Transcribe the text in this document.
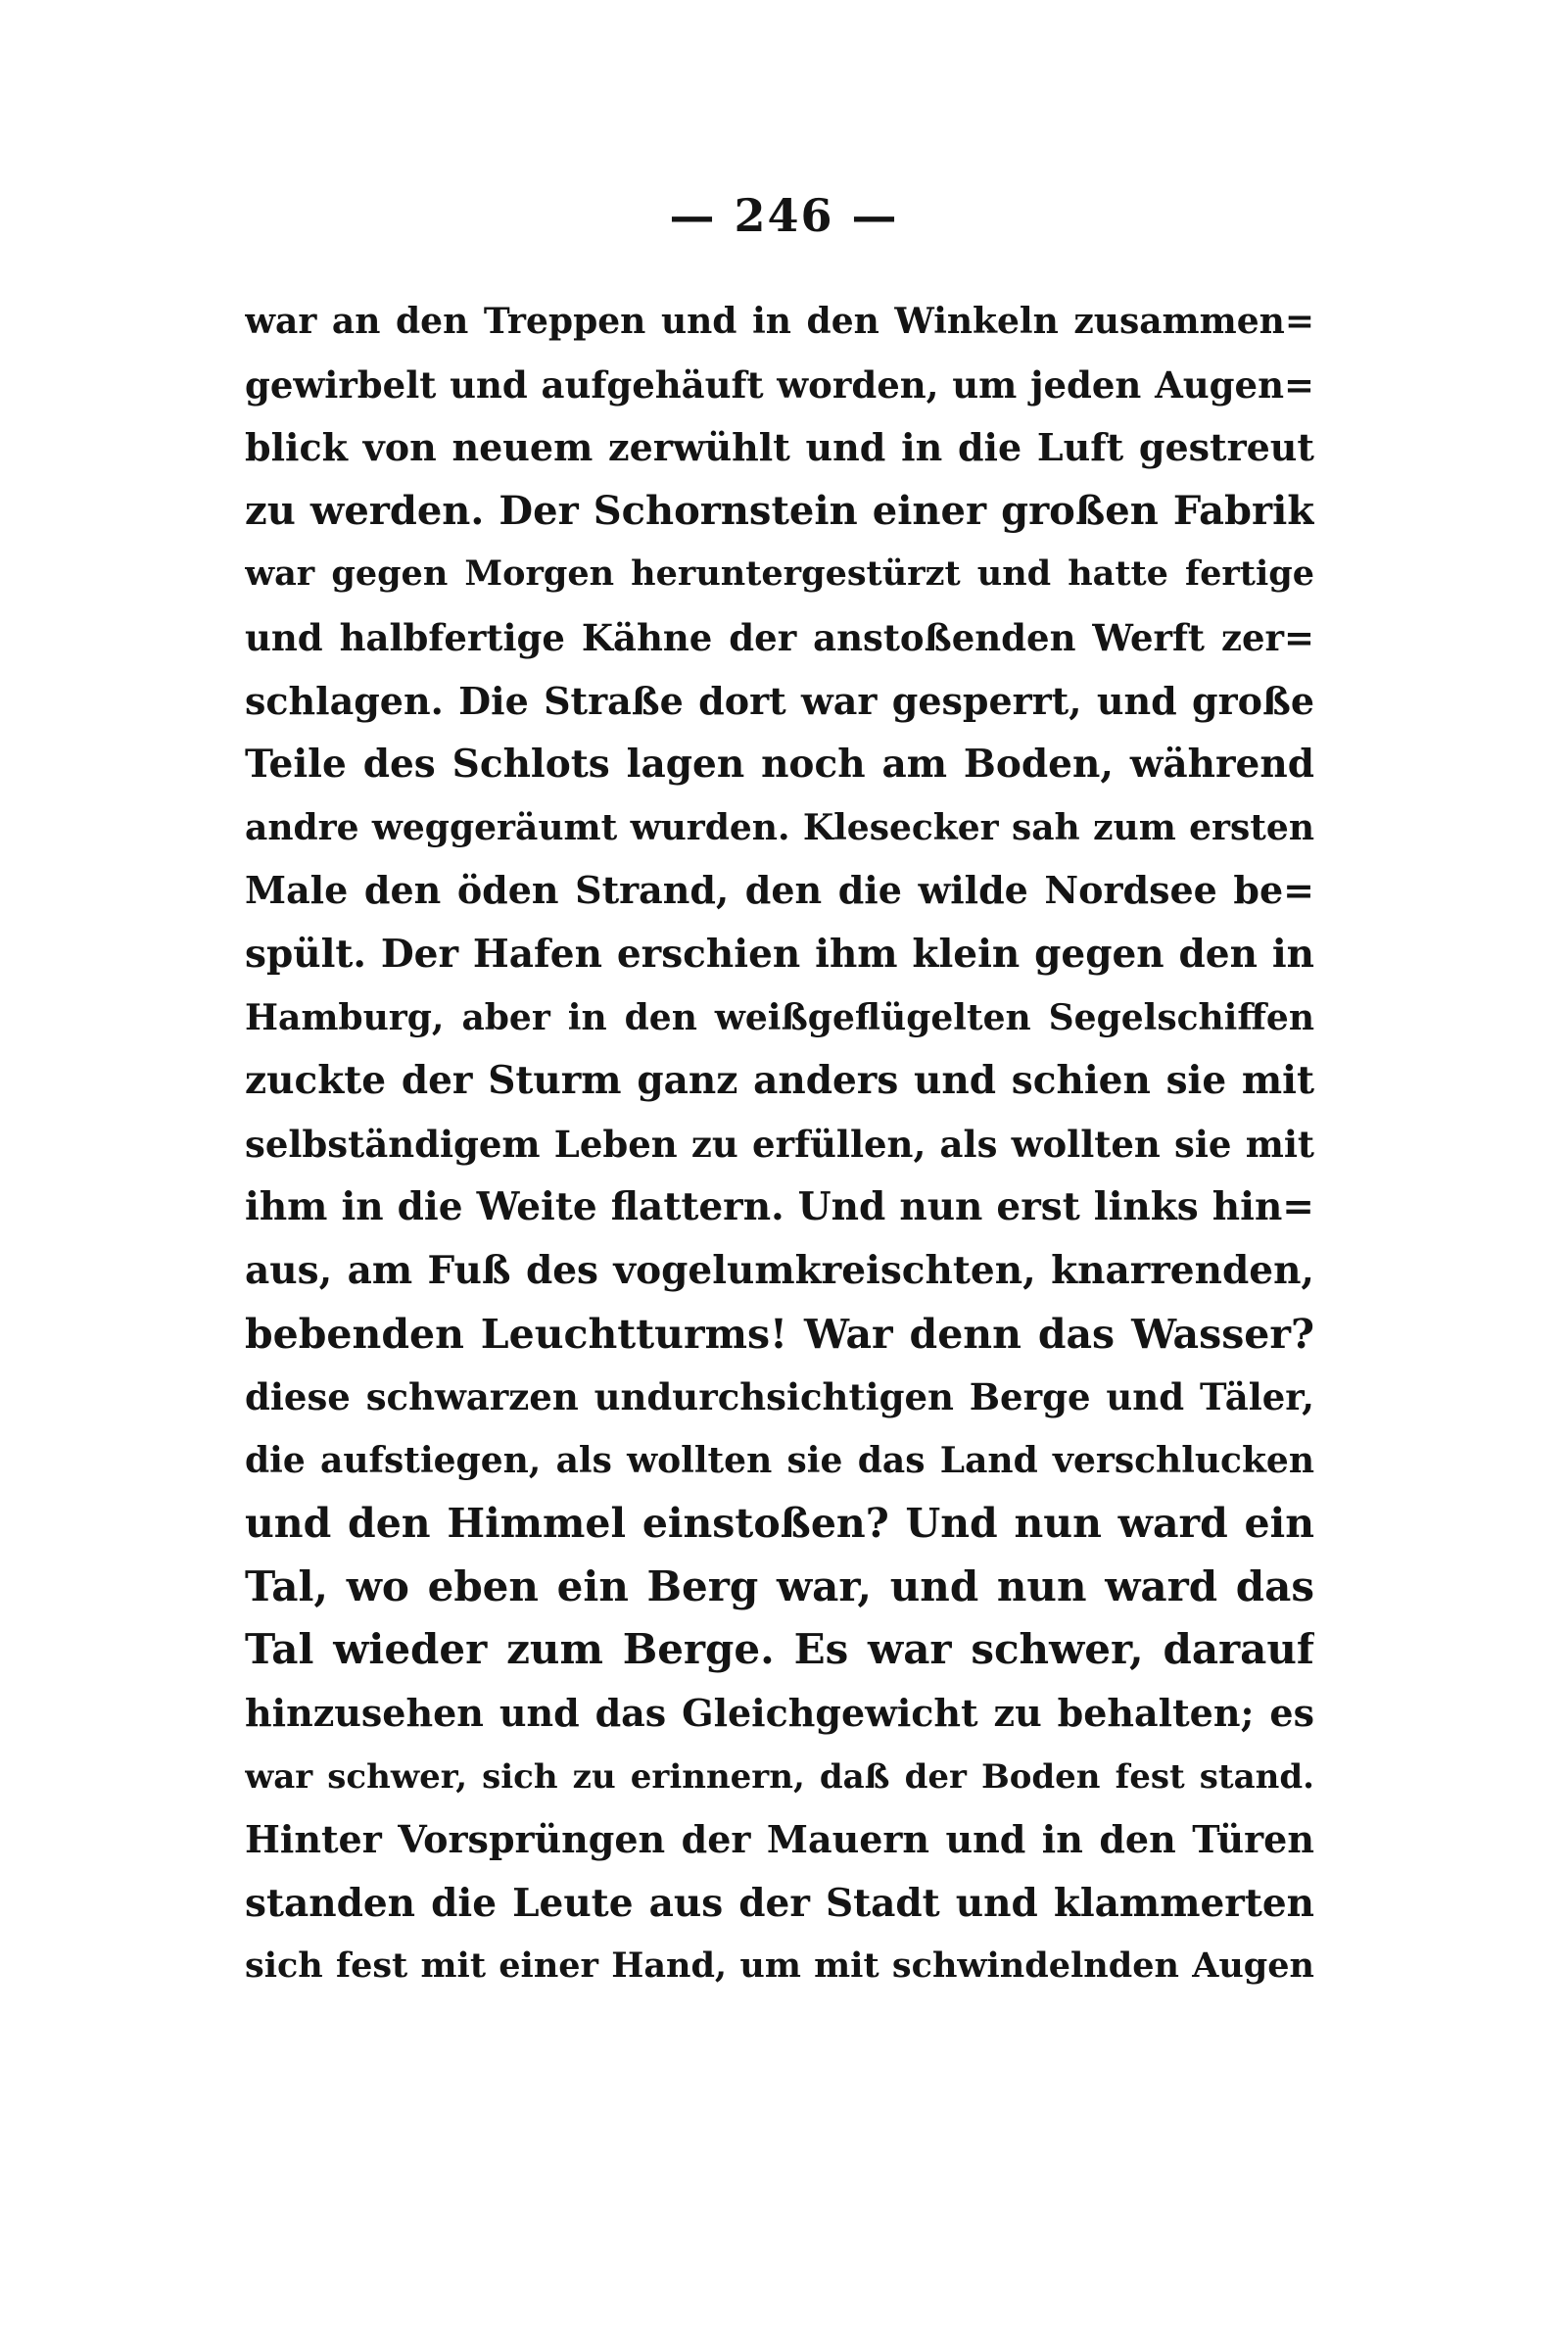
— 246 —
war an den Treppen und in den Winkeln zusammen=
gewirbelt und aufgehäuft worden, um jeden Augen=
blick von neuem zerwühlt und in die Luft gestreut
zu werden. Der Schornstein einer großen Fabrik
war gegen Morgen heruntergestürzt und hatte fertige
und halbfertige Kähne der anstoßenden Werft zer=
schlagen. Die Straße dort war gesperrt, und große
Teile des Schlots lagen noch am Boden, während
andre weggeräumt wurden. Klesecker sah zum ersten
Male den öden Strand, den die wilde Nordsee be=
spült. Der Hafen erschien ihm klein gegen den in
Hamburg, aber in den weißgeflügelten Segelschiffen
zuckte der Sturm ganz anders und schien sie mit
selbständigem Leben zu erfüllen, als wollten sie mit
ihm in die Weite flattern. Und nun erst links hin=
aus, am Fuß des vogelumkreischten, knarrenden,
bebenden Leuchtturms! War denn das Wasser?
diese schwarzen undurchsichtigen Berge und Täler,
die aufstiegen, als wollten sie das Land verschlucken
und den Himmel einstoßen? Und nun ward ein
Tal, wo eben ein Berg war, und nun ward das
Tal wieder zum Berge. Es war schwer, darauf
hinzusehen und das Gleichgewicht zu behalten; es
war schwer, sich zu erinnern, daß der Boden fest stand.
Hinter Vorsprüngen der Mauern und in den Türen
standen die Leute aus der Stadt und klammerten
sich fest mit einer Hand, um mit schwindelnden Augen
